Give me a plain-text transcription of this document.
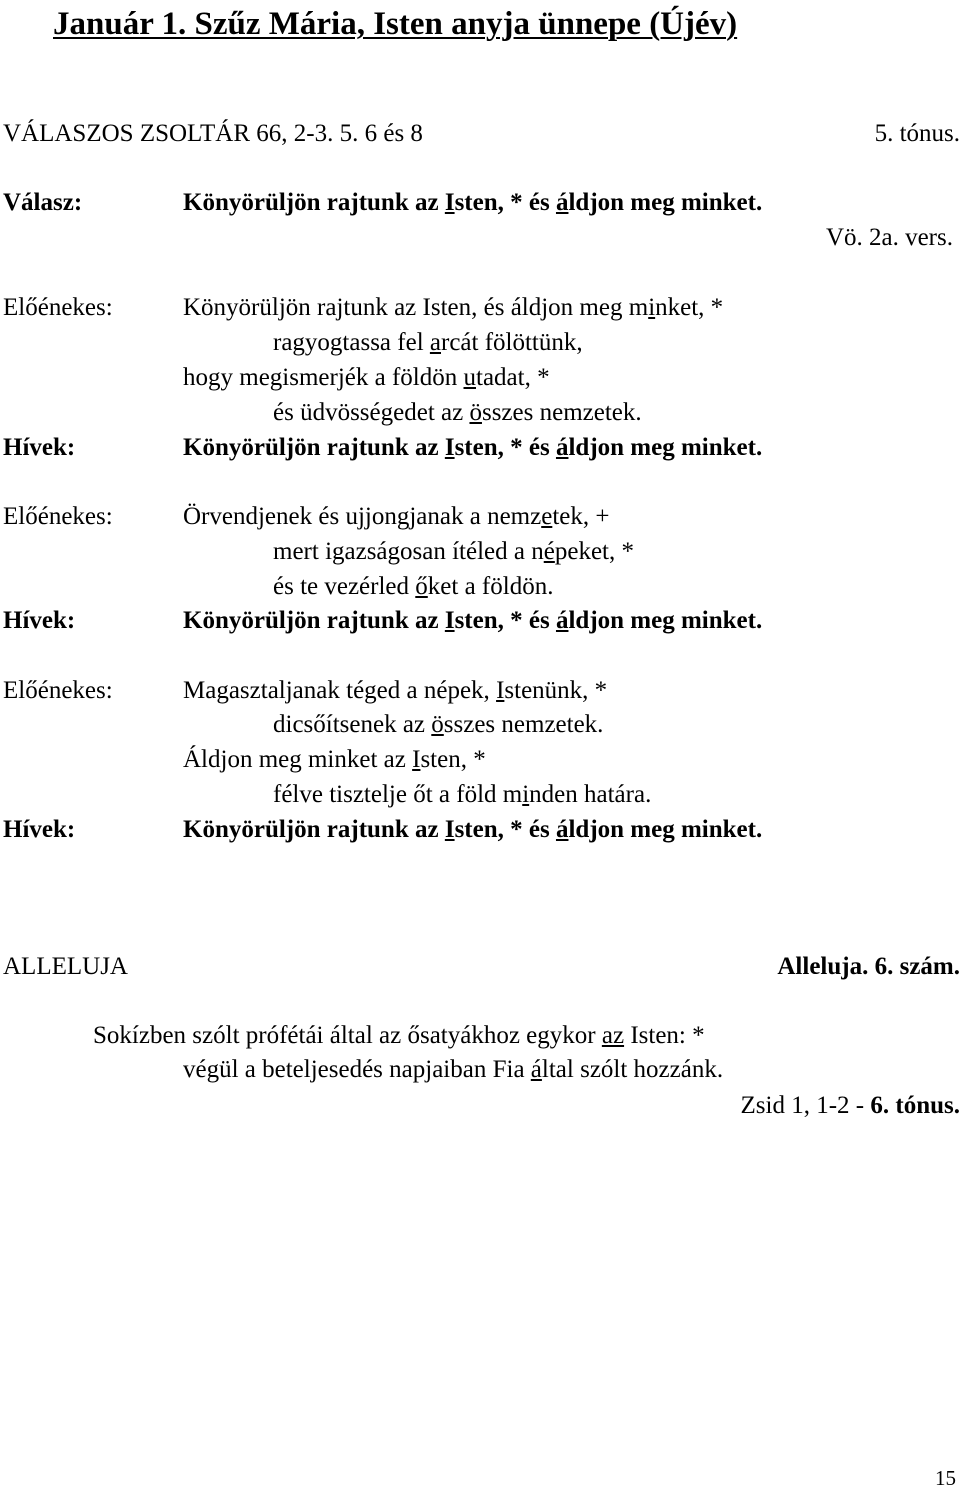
Január 1. Szűz Mária, Isten anyja ünnepe (Újév)
VÁLASZOS ZSOLTÁR 66, 2-3. 5. 6 és 8	5. tónus.
Válasz:	Könyörüljön rajtunk az Isten, * és áldjon meg minket.
Vö. 2a. vers.
Előénekes:	Könyörüljön rajtunk az Isten, és áldjon meg minket, *
ragyogtassa fel arcát fölöttünk,
hogy megismerjék a földön utadat, *
és üdvösségedet az összes nemzetek.
Hívek:	Könyörüljön rajtunk az Isten, * és áldjon meg minket.
Előénekes:	Örvendjenek és ujjongjanak a nemzetek, +
mert igazságosan ítéled a népeket, *
és te vezérled őket a földön.
Hívek:	Könyörüljön rajtunk az Isten, * és áldjon meg minket.
Előénekes:	Magasztaljanak téged a népek, Istenünk, *
dicsőítsenek az összes nemzetek.
Áldjon meg minket az Isten, *
félve tisztelje őt a föld minden határa.
Hívek:	Könyörüljön rajtunk az Isten, * és áldjon meg minket.
ALLELUJA	Alleluja. 6. szám.
Sokízben szólt prófétái által az ősatyákhoz egykor az Isten: *
végül a beteljesedés napjaiban Fia által szólt hozzánk.
Zsid 1, 1-2 - 6. tónus.
15
